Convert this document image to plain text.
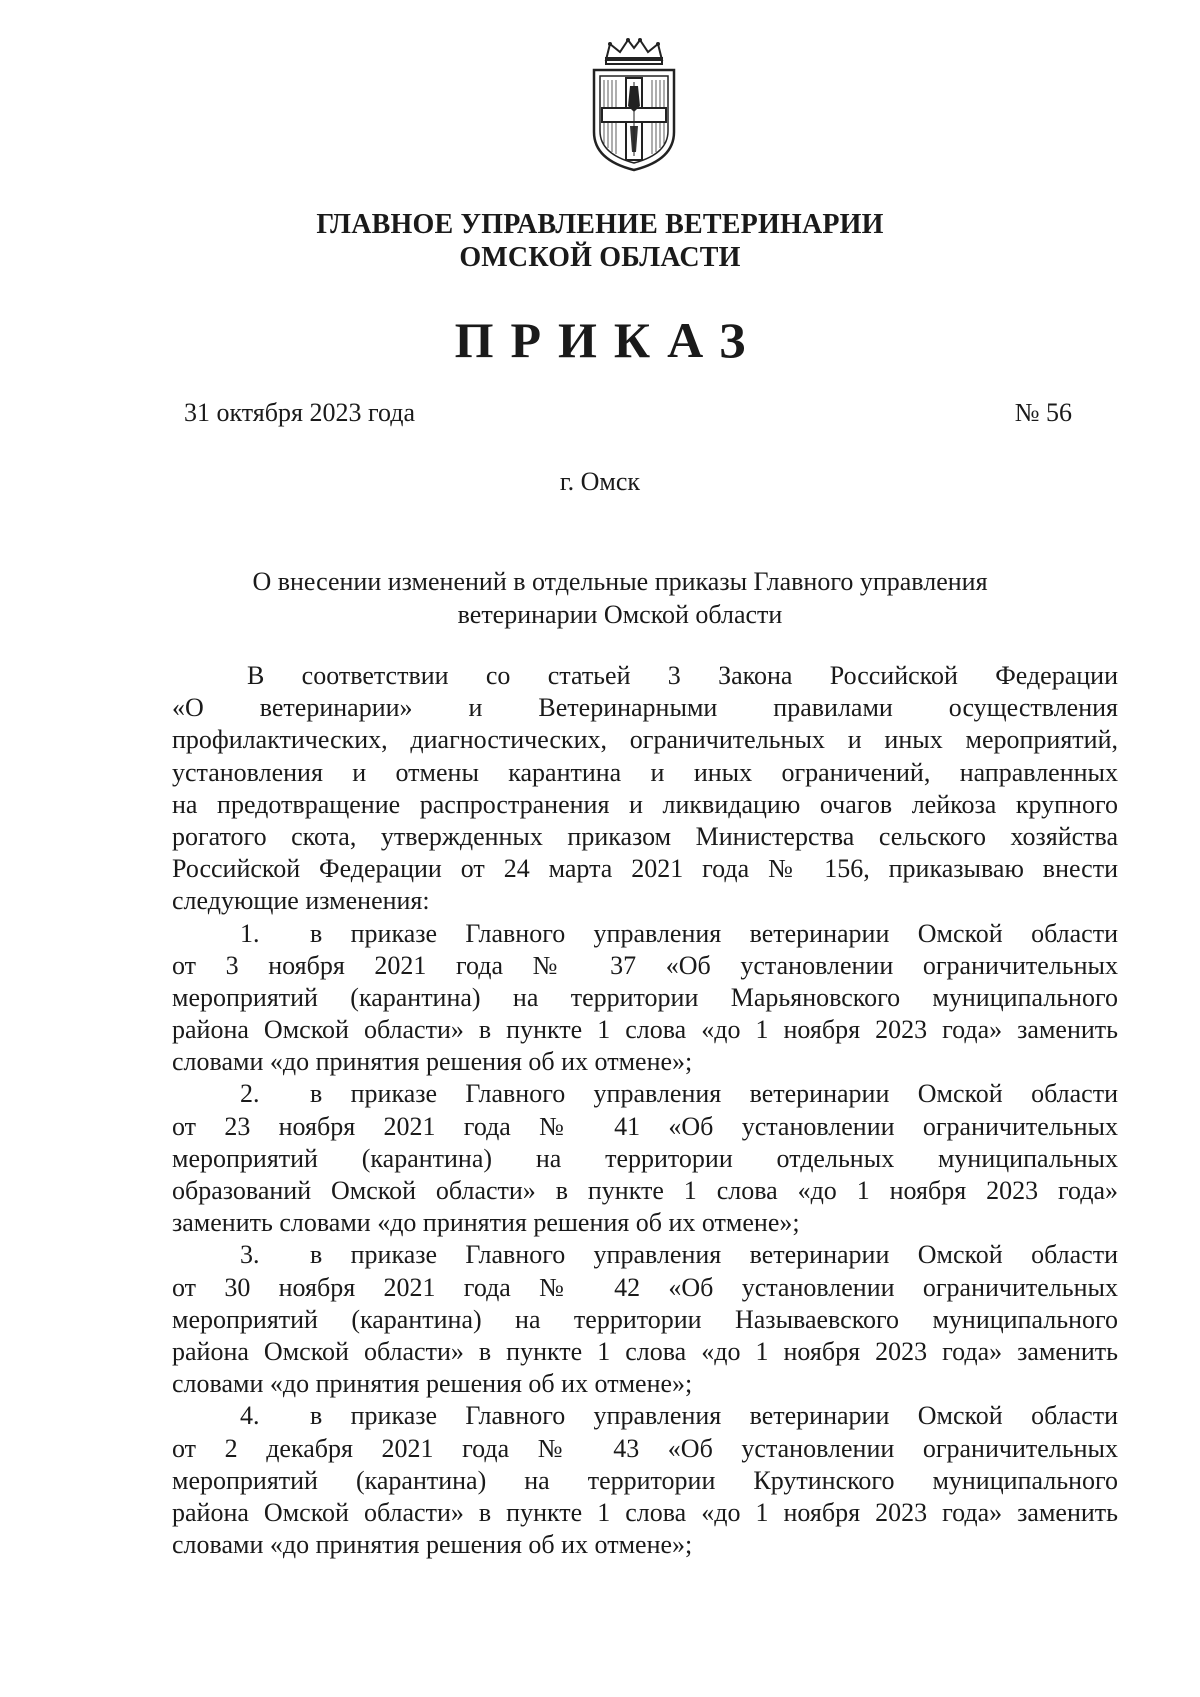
ГЛАВНОЕ УПРАВЛЕНИЕ ВЕТЕРИНАРИИ
ОМСКОЙ ОБЛАСТИ
ПРИКАЗ
31 октября 2023 года	№ 56
г. Омск
О внесении изменений в отдельные приказы Главного управления
ветеринарии Омской области
В соответствии со статьей 3 Закона Российской Федерации
«О ветеринарии» и Ветеринарными правилами осуществления
профилактических, диагностических, ограничительных и иных мероприятий,
установления и отмены карантина и иных ограничений, направленных
на предотвращение распространения и ликвидацию очагов лейкоза крупного
рогатого скота, утвержденных приказом Министерства сельского хозяйства
Российской Федерации от 24 марта 2021 года № 156, приказываю внести
следующие изменения:
1.	в приказе Главного управления ветеринарии Омской области
от 3 ноября 2021 года № 37 «Об установлении ограничительных
мероприятий (карантина) на территории Марьяновского муниципального
района Омской области» в пункте 1 слова «до 1 ноября 2023 года» заменить
словами «до принятия решения об их отмене»;
2.	в приказе Главного управления ветеринарии Омской области
от 23 ноября 2021 года № 41 «Об установлении ограничительных
мероприятий (карантина) на территории отдельных муниципальных
образований Омской области» в пункте 1 слова «до 1 ноября 2023 года»
заменить словами «до принятия решения об их отмене»;
3.	в приказе Главного управления ветеринарии Омской области
от 30 ноября 2021 года № 42 «Об установлении ограничительных
мероприятий (карантина) на территории Называевского муниципального
района Омской области» в пункте 1 слова «до 1 ноября 2023 года» заменить
словами «до принятия решения об их отмене»;
4.	в приказе Главного управления ветеринарии Омской области
от 2 декабря 2021 года № 43 «Об установлении ограничительных
мероприятий (карантина) на территории Крутинского муниципального
района Омской области» в пункте 1 слова «до 1 ноября 2023 года» заменить
словами «до принятия решения об их отмене»;
